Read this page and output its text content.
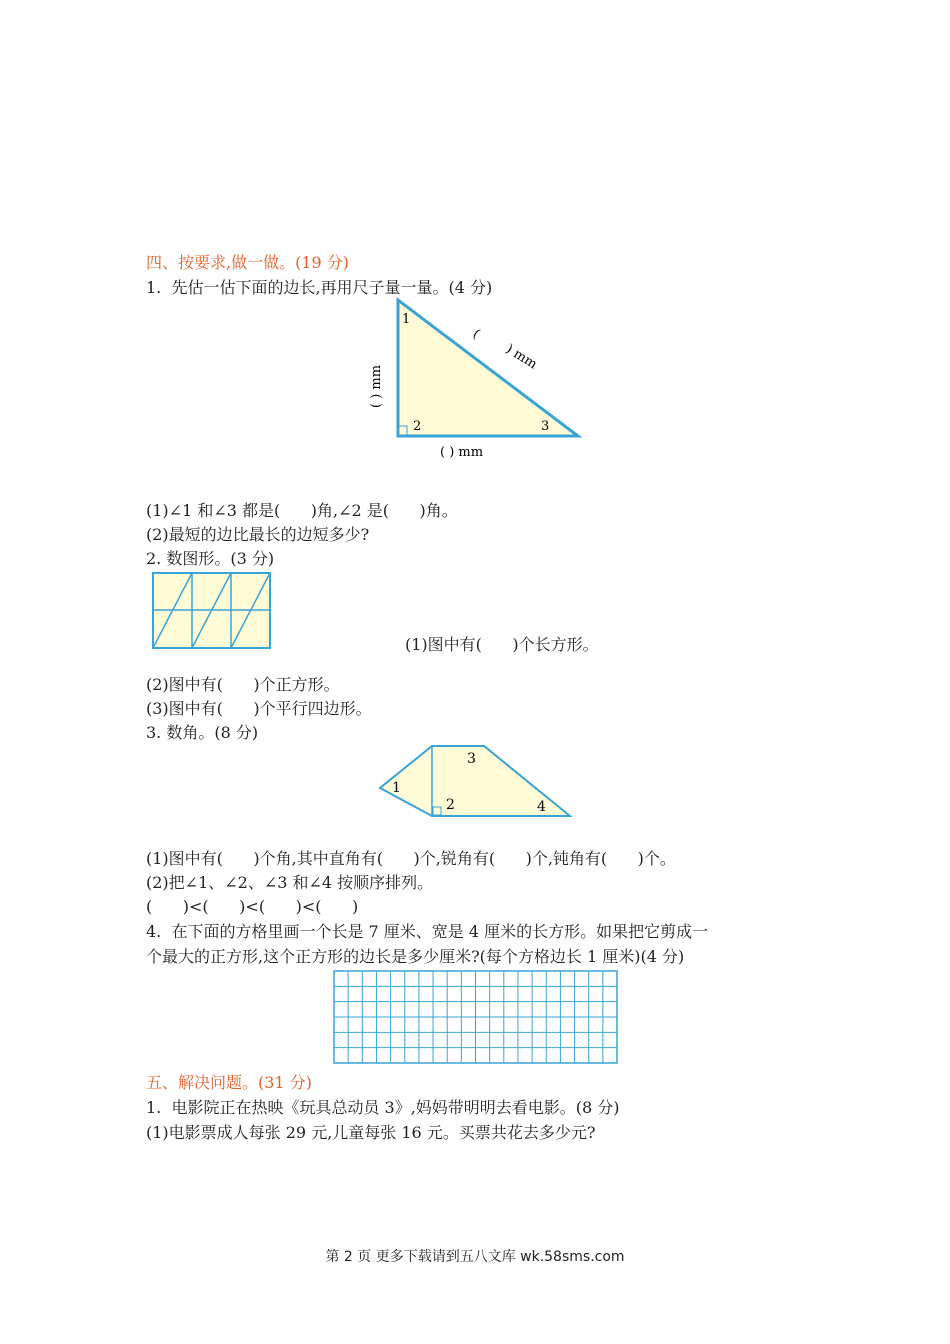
四、按要求,做一做。(19 分)
1.  先估一估下面的边长,再用尺子量一量。(4 分)
1
2	3
( ) mm
(
) mm
( ) mm
(1)∠1 和∠3 都是(      )角,∠2 是(      )角。
(2)最短的边比最长的边短多少?
2. 数图形。(3 分)
(1)图中有(      )个长方形。
(2)图中有(      )个正方形。
(3)图中有(      )个平行四边形。
3. 数角。(8 分)
1
2
3
4
(1)图中有(      )个角,其中直角有(      )个,锐角有(      )个,钝角有(      )个。
(2)把∠1、∠2、∠3 和∠4 按顺序排列。
(      )<(      )<(      )<(      )
4.  在下面的方格里画一个长是 7 厘米、宽是 4 厘米的长方形。如果把它剪成一
个最大的正方形,这个正方形的边长是多少厘米?(每个方格边长 1 厘米)(4 分)
五、解决问题。(31 分)
1.  电影院正在热映《玩具总动员 3》,妈妈带明明去看电影。(8 分)
(1)电影票成人每张 29 元,儿童每张 16 元。买票共花去多少元?
第 2 页 更多下载请到五八文库 wk.58sms.com
